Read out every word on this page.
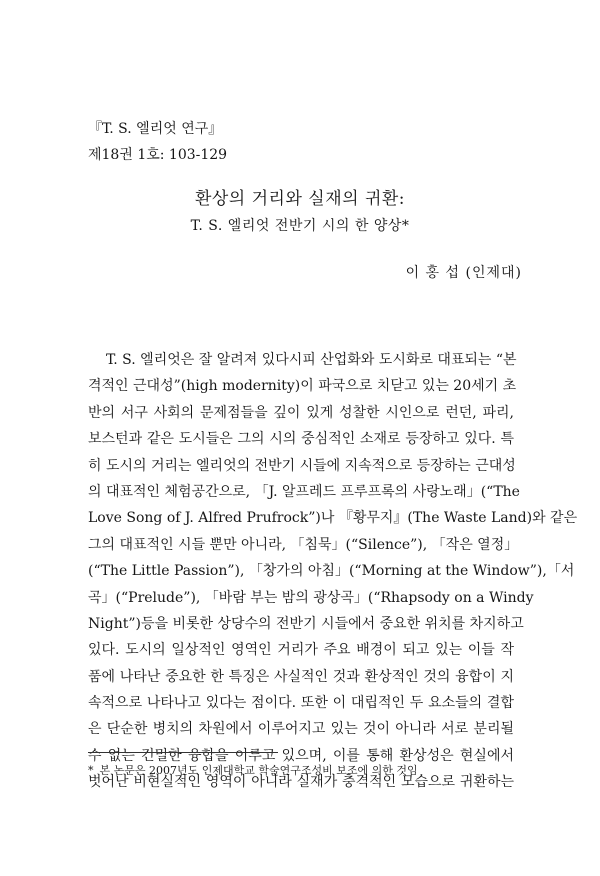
『T. S. 엘리엇 연구』
제18권 1호: 103-129
환상의 거리와 실재의 귀환:
T. S. 엘리엇 전반기 시의 한 양상*
이 홍 섭 (인제대)
T. S. 엘리엇은 잘 알려져 있다시피 산업화와 도시화로 대표되는 “본
격적인 근대성”(high modernity)이 파국으로 치닫고 있는 20세기 초
반의 서구 사회의 문제점들을 깊이 있게 성찰한 시인으로 런던, 파리,
보스턴과 같은 도시들은 그의 시의 중심적인 소재로 등장하고 있다. 특
히 도시의 거리는 엘리엇의 전반기 시들에 지속적으로 등장하는 근대성
의 대표적인 체험공간으로, 「J. 알프레드 프루프록의 사랑노래」(“The
Love Song of J. Alfred Prufrock”)나 『황무지』(The Waste Land)와 같은
그의 대표적인 시들 뿐만 아니라, 「침묵」(“Silence”), 「작은 열정」
(“The Little Passion”), 「창가의 아침」(“Morning at the Window”),「서
곡」(“Prelude”), 「바람 부는 밤의 광상곡」(“Rhapsody on a Windy
Night”)등을 비롯한 상당수의 전반기 시들에서 중요한 위치를 차지하고
있다. 도시의 일상적인 영역인 거리가 주요 배경이 되고 있는 이들 작
품에 나타난 중요한 한 특징은 사실적인 것과 환상적인 것의 융합이 지
속적으로 나타나고 있다는 점이다. 또한 이 대립적인 두 요소들의 결합
은 단순한 병치의 차원에서 이루어지고 있는 것이 아니라 서로 분리될
수 없는 긴밀한 융합을 이루고 있으며, 이를 통해 환상성은 현실에서
벗어난 비현실적인 영역이 아니라 실재가 충격적인 모습으로 귀환하는
* 본 논문은 2007년도 인제대학교 학술연구조성비 보조에 의한 것임
